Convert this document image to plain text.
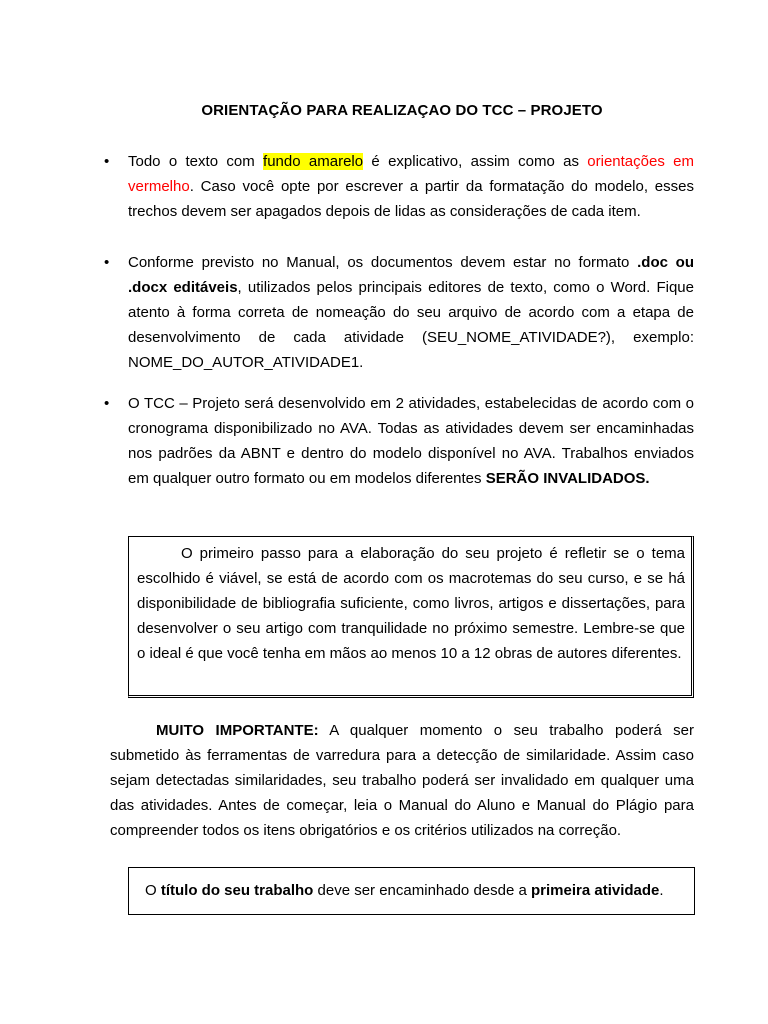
ORIENTAÇÃO PARA REALIZAÇAO DO TCC – PROJETO
• Todo o texto com fundo amarelo é explicativo, assim como as orientações em vermelho. Caso você opte por escrever a partir da formatação do modelo, esses trechos devem ser apagados depois de lidas as considerações de cada item.
• Conforme previsto no Manual, os documentos devem estar no formato .doc ou .docx editáveis, utilizados pelos principais editores de texto, como o Word. Fique atento à forma correta de nomeação do seu arquivo de acordo com a etapa de desenvolvimento de cada atividade (SEU_NOME_ATIVIDADE?), exemplo: NOME_DO_AUTOR_ATIVIDADE1.
• O TCC – Projeto será desenvolvido em 2 atividades, estabelecidas de acordo com o cronograma disponibilizado no AVA. Todas as atividades devem ser encaminhadas nos padrões da ABNT e dentro do modelo disponível no AVA. Trabalhos enviados em qualquer outro formato ou em modelos diferentes SERÃO INVALIDADOS.
O primeiro passo para a elaboração do seu projeto é refletir se o tema escolhido é viável, se está de acordo com os macrotemas do seu curso, e se há disponibilidade de bibliografia suficiente, como livros, artigos e dissertações, para desenvolver o seu artigo com tranquilidade no próximo semestre. Lembre-se que o ideal é que você tenha em mãos ao menos 10 a 12 obras de autores diferentes.
MUITO IMPORTANTE: A qualquer momento o seu trabalho poderá ser submetido às ferramentas de varredura para a detecção de similaridade. Assim caso sejam detectadas similaridades, seu trabalho poderá ser invalidado em qualquer uma das atividades. Antes de começar, leia o Manual do Aluno e Manual do Plágio para compreender todos os itens obrigatórios e os critérios utilizados na correção.
O título do seu trabalho deve ser encaminhado desde a primeira atividade.
